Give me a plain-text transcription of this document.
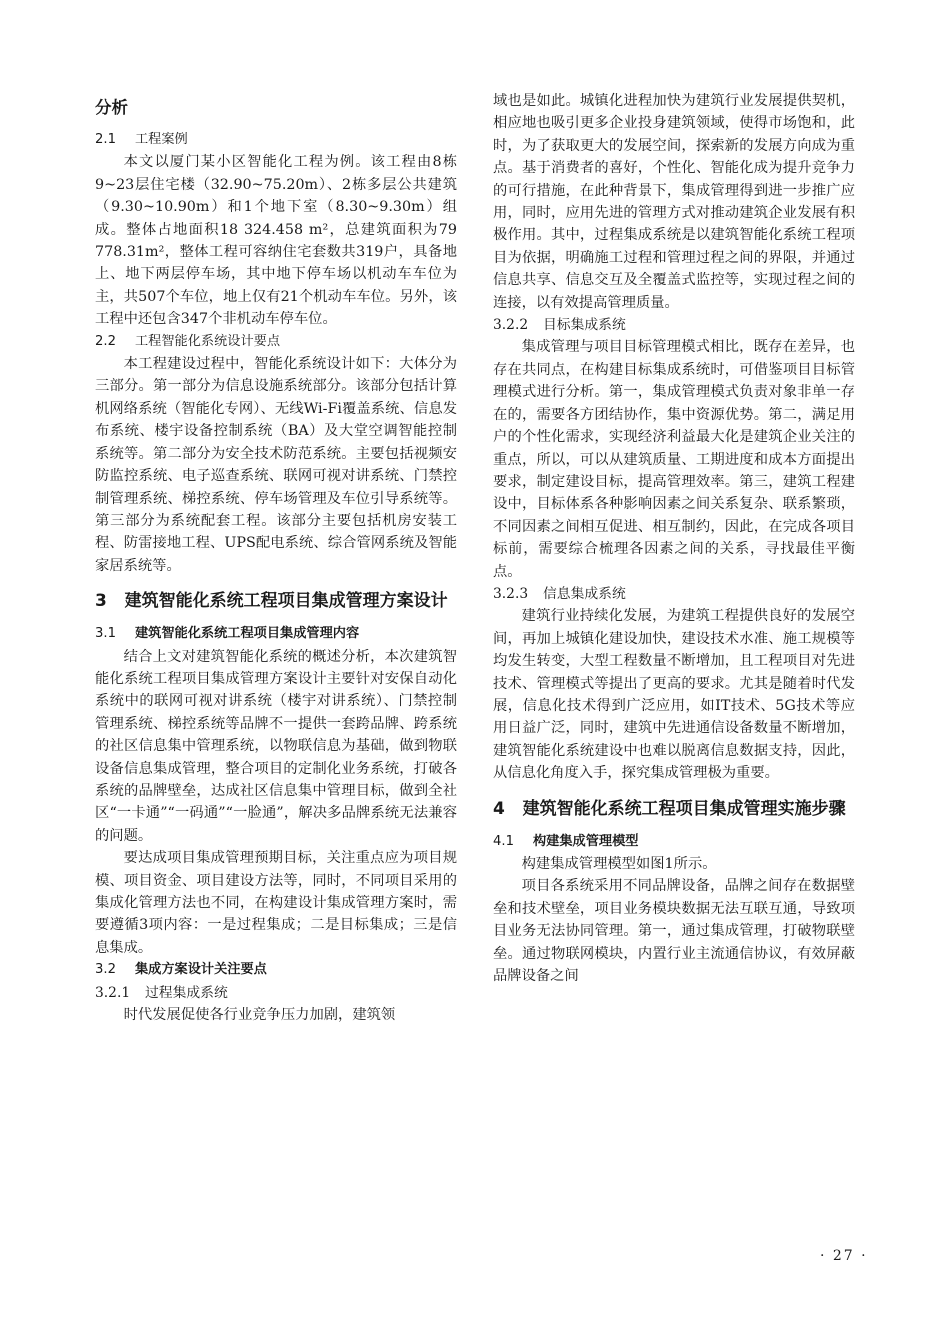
分析
2.1 工程案例

本文以厦门某小区智能化工程为例。该工程由8栋9~23层住宅楼（32.90~75.20m）、2栋多层公共建筑（9.30~10.90m）和1个地下室（8.30~9.30m）组成。整体占地面积18 324.458 m²，总建筑面积为79 778.31m²，整体工程可容纳住宅套数共319户，具备地上、地下两层停车场，其中地下停车场以机动车车位为主，共507个车位，地上仅有21个机动车车位。另外，该工程中还包含347个非机动车停车位。

2.2 工程智能化系统设计要点

本工程建设过程中，智能化系统设计如下：大体分为三部分。第一部分为信息设施系统部分。该部分包括计算机网络系统（智能化专网）、无线Wi-Fi覆盖系统、信息发布系统、楼宇设备控制系统（BA）及大堂空调智能控制系统等。第二部分为安全技术防范系统。主要包括视频安防监控系统、电子巡查系统、联网可视对讲系统、门禁控制管理系统、梯控系统、停车场管理及车位引导系统等。第三部分为系统配套工程。该部分主要包括机房安装工程、防雷接地工程、UPS配电系统、综合管网系统及智能家居系统等。

3 建筑智能化系统工程项目集成管理方案设计
3.1 建筑智能化系统工程项目集成管理内容

结合上文对建筑智能化系统的概述分析，本次建筑智能化系统工程项目集成管理方案设计主要针对安保自动化系统中的联网可视对讲系统（楼宇对讲系统）、门禁控制管理系统、梯控系统等品牌不一提供一套跨品牌、跨系统的社区信息集中管理系统，以物联信息为基础，做到物联设备信息集成管理，整合项目的定制化业务系统，打破各系统的品牌壁垒，达成社区信息集中管理目标，做到全社区“一卡通”“一码通”“一脸通”，解决多品牌系统无法兼容的问题。

要达成项目集成管理预期目标，关注重点应为项目规模、项目资金、项目建设方法等，同时，不同项目采用的集成化管理方法也不同，在构建设计集成管理方案时，需要遵循3项内容：一是过程集成；二是目标集成；三是信息集成。

3.2 集成方案设计关注要点
3.2.1 过程集成系统

时代发展促使各行业竞争压力加剧，建筑领

域也是如此。城镇化进程加快为建筑行业发展提供契机，相应地也吸引更多企业投身建筑领域，使得市场饱和，此时，为了获取更大的发展空间，探索新的发展方向成为重点。基于消费者的喜好，个性化、智能化成为提升竞争力的可行措施，在此种背景下，集成管理得到进一步推广应用，同时，应用先进的管理方式对推动建筑企业发展有积极作用。其中，过程集成系统是以建筑智能化系统工程项目为依据，明确施工过程和管理过程之间的界限，并通过信息共享、信息交互及全覆盖式监控等，实现过程之间的连接，以有效提高管理质量。

3.2.2 目标集成系统

集成管理与项目目标管理模式相比，既存在差异，也存在共同点，在构建目标集成系统时，可借鉴项目目标管理模式进行分析。第一，集成管理模式负责对象非单一存在的，需要各方团结协作，集中资源优势。第二，满足用户的个性化需求，实现经济利益最大化是建筑企业关注的重点，所以，可以从建筑质量、工期进度和成本方面提出要求，制定建设目标，提高管理效率。第三，建筑工程建设中，目标体系各种影响因素之间关系复杂、联系繁琐，不同因素之间相互促进、相互制约，因此，在完成各项目标前，需要综合梳理各因素之间的关系，寻找最佳平衡点。

3.2.3 信息集成系统

建筑行业持续化发展，为建筑工程提供良好的发展空间，再加上城镇化建设加快，建设技术水准、施工规模等均发生转变，大型工程数量不断增加，且工程项目对先进技术、管理模式等提出了更高的要求。尤其是随着时代发展，信息化技术得到广泛应用，如IT技术、5G技术等应用日益广泛，同时，建筑中先进通信设备数量不断增加，建筑智能化系统建设中也难以脱离信息数据支持，因此，从信息化角度入手，探究集成管理极为重要。

4 建筑智能化系统工程项目集成管理实施步骤
4.1 构建集成管理模型

构建集成管理模型如图1所示。

项目各系统采用不同品牌设备，品牌之间存在数据壁垒和技术壁垒，项目业务模块数据无法互联互通，导致项目业务无法协同管理。第一，通过集成管理，打破物联壁垒。通过物联网模块，内置行业主流通信协议，有效屏蔽品牌设备之间

· 27 ·
